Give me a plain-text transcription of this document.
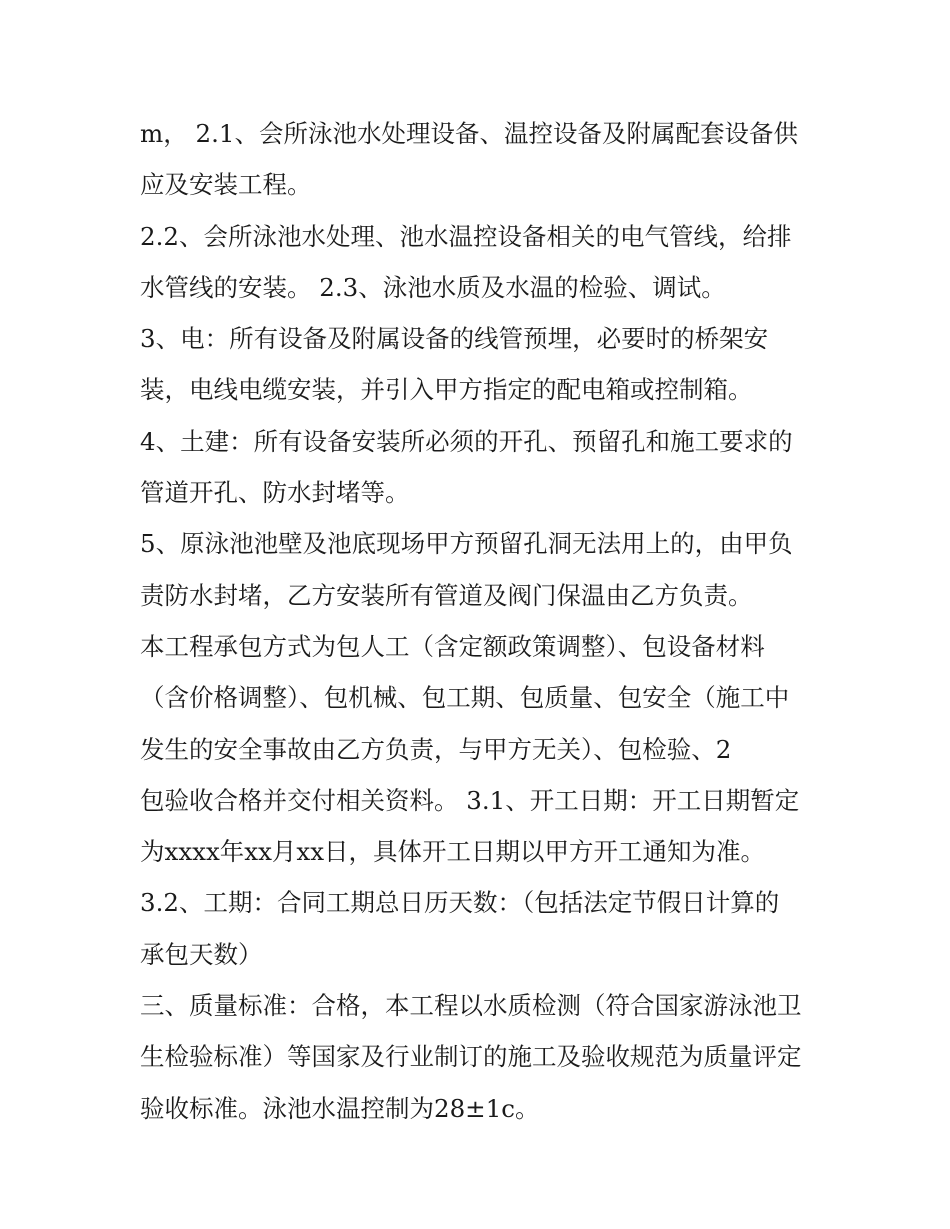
m， 2.1、会所泳池水处理设备、温控设备及附属配套设备供

应及安装工程。

2.2、会所泳池水处理、池水温控设备相关的电气管线，给排

水管线的安装。 2.3、泳池水质及水温的检验、调试。

3、电：所有设备及附属设备的线管预埋，必要时的桥架安

装，电线电缆安装，并引入甲方指定的配电箱或控制箱。

4、土建：所有设备安装所必须的开孔、预留孔和施工要求的

管道开孔、防水封堵等。

5、原泳池池壁及池底现场甲方预留孔洞无法用上的，由甲负

责防水封堵，乙方安装所有管道及阀门保温由乙方负责。

本工程承包方式为包人工（含定额政策调整）、包设备材料

（含价格调整）、包机械、包工期、包质量、包安全（施工中

发生的安全事故由乙方负责，与甲方无关）、包检验、2

包验收合格并交付相关资料。 3.1、开工日期：开工日期暂定

为xxxx年xx月xx日，具体开工日期以甲方开工通知为准。

3.2、工期：合同工期总日历天数：（包括法定节假日计算的

承包天数）

三、质量标准：合格，本工程以水质检测（符合国家游泳池卫

生检验标准）等国家及行业制订的施工及验收规范为质量评定

验收标准。泳池水温控制为28±1c。
